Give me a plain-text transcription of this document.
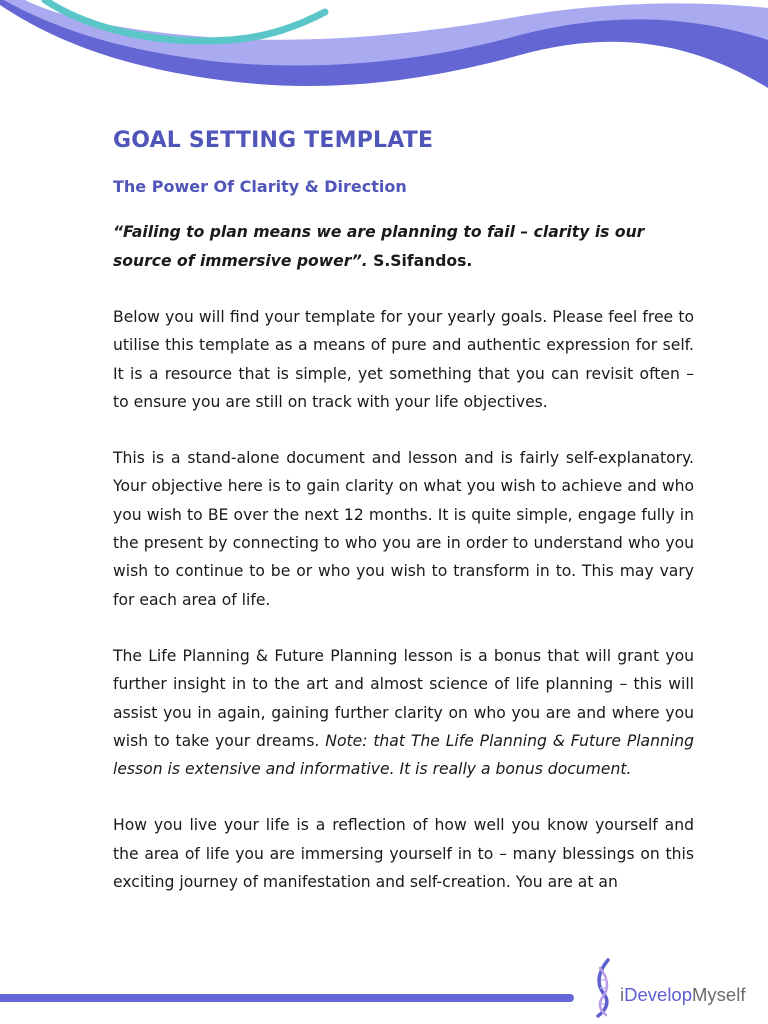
GOAL SETTING TEMPLATE
The Power Of Clarity & Direction

“Failing to plan means we are planning to fail – clarity is our source of immersive power”. S.Sifandos.

Below you will find your template for your yearly goals. Please feel free to utilise this template as a means of pure and authentic expression for self. It is a resource that is simple, yet something that you can revisit often – to ensure you are still on track with your life objectives.

This is a stand-alone document and lesson and is fairly self-explanatory. Your objective here is to gain clarity on what you wish to achieve and who you wish to BE over the next 12 months. It is quite simple, engage fully in the present by connecting to who you are in order to understand who you wish to continue to be or who you wish to transform in to. This may vary for each area of life.

The Life Planning & Future Planning lesson is a bonus that will grant you further insight in to the art and almost science of life planning – this will assist you in again, gaining further clarity on who you are and where you wish to take your dreams. Note: that The Life Planning & Future Planning lesson is extensive and informative. It is really a bonus document.

How you live your life is a reflection of how well you know yourself and the area of life you are immersing yourself in to – many blessings on this exciting journey of manifestation and self-creation. You are at an

iDevelopMyself
